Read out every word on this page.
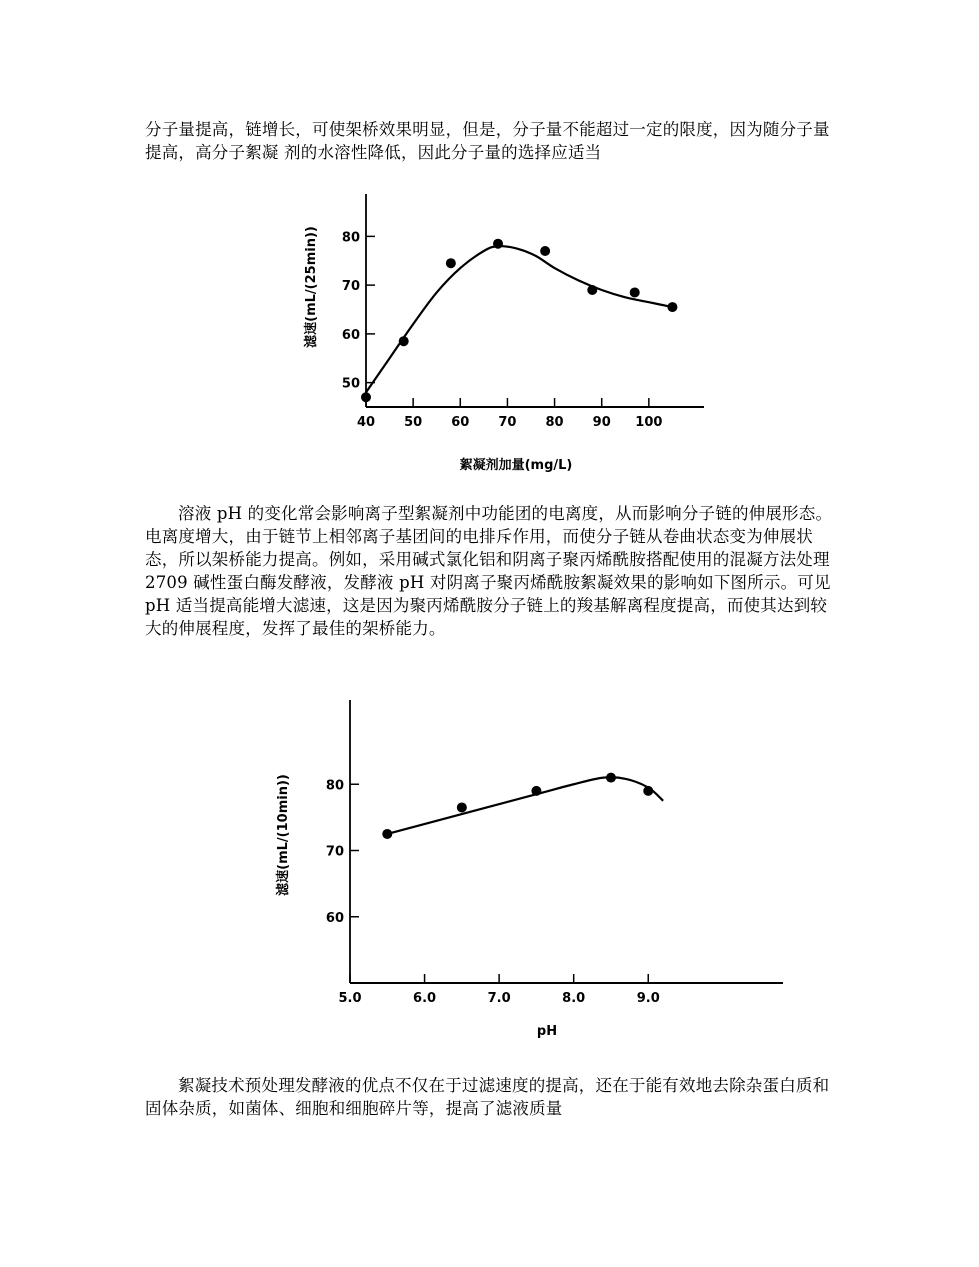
分子量提高，链增长，可使架桥效果明显，但是，分子量不能超过一定的限度，因为随分子量提高，高分子絮凝 剂的水溶性降低，因此分子量的选择应适当

40 50 60 70 80 90 100
50
60
70
80
絮凝剂加量(mg/L)
滤速(mL/(25min))

溶液 pH 的变化常会影响离子型絮凝剂中功能团的电离度，从而影响分子链的伸展形态。电离度增大，由于链节上相邻离子基团间的电排斥作用，而使分子链从卷曲状态变为伸展状态，所以架桥能力提高。例如，采用碱式氯化铝和阴离子聚丙烯酰胺搭配使用的混凝方法处理 2709 碱性蛋白酶发酵液，发酵液 pH 对阴离子聚丙烯酰胺絮凝效果的影响如下图所示。可见 pH 适当提高能增大滤速，这是因为聚丙烯酰胺分子链上的羧基解离程度提高，而使其达到较大的伸展程度，发挥了最佳的架桥能力。

5.0	6.0	7.0	8.0	9.0
60
70
80
pH
滤速(mL/(10min))

絮凝技术预处理发酵液的优点不仅在于过滤速度的提高，还在于能有效地去除杂蛋白质和固体杂质，如菌体、细胞和细胞碎片等，提高了滤液质量
